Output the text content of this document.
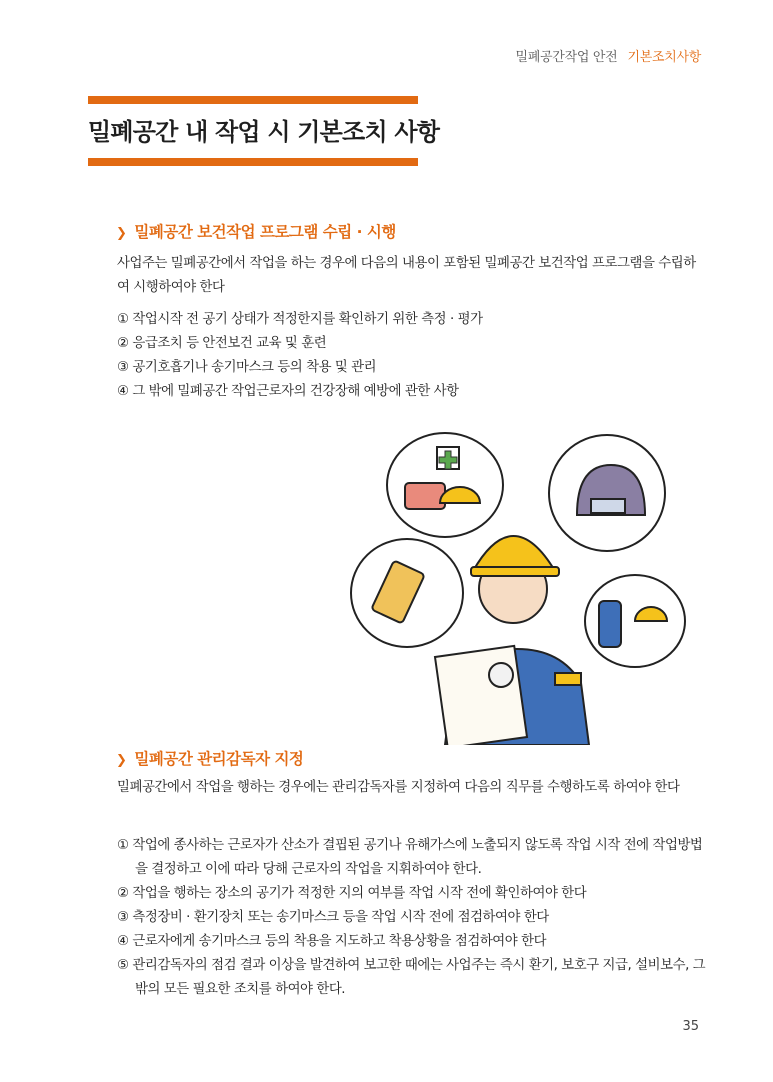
밀폐공간작업 안전 기본조치사항
밀폐공간 내 작업 시 기본조치 사항
❯ 밀폐공간 보건작업 프로그램 수립 · 시행
사업주는 밀폐공간에서 작업을 하는 경우에 다음의 내용이 포함된 밀폐공간 보건작업 프로그램을 수립하여 시행하여야 한다
① 작업시작 전 공기 상태가 적정한지를 확인하기 위한 측정 · 평가
② 응급조치 등 안전보건 교육 및 훈련
③ 공기호흡기나 송기마스크 등의 착용 및 관리
④ 그 밖에 밀폐공간 작업근로자의 건강장해 예방에 관한 사항
❯ 밀폐공간 관리감독자 지정
밀폐공간에서 작업을 행하는 경우에는 관리감독자를 지정하여 다음의 직무를 수행하도록 하여야 한다
① 작업에 종사하는 근로자가 산소가 결핍된 공기나 유해가스에 노출되지 않도록 작업 시작 전에 작업방법을 결정하고 이에 따라 당해 근로자의 작업을 지휘하여야 한다.
② 작업을 행하는 장소의 공기가 적정한 지의 여부를 작업 시작 전에 확인하여야 한다
③ 측정장비 · 환기장치 또는 송기마스크 등을 작업 시작 전에 점검하여야 한다
④ 근로자에게 송기마스크 등의 착용을 지도하고 착용상황을 점검하여야 한다
⑤ 관리감독자의 점검 결과 이상을 발견하여 보고한 때에는 사업주는 즉시 환기, 보호구 지급, 설비보수, 그 밖의 모든 필요한 조치를 하여야 한다.
35
